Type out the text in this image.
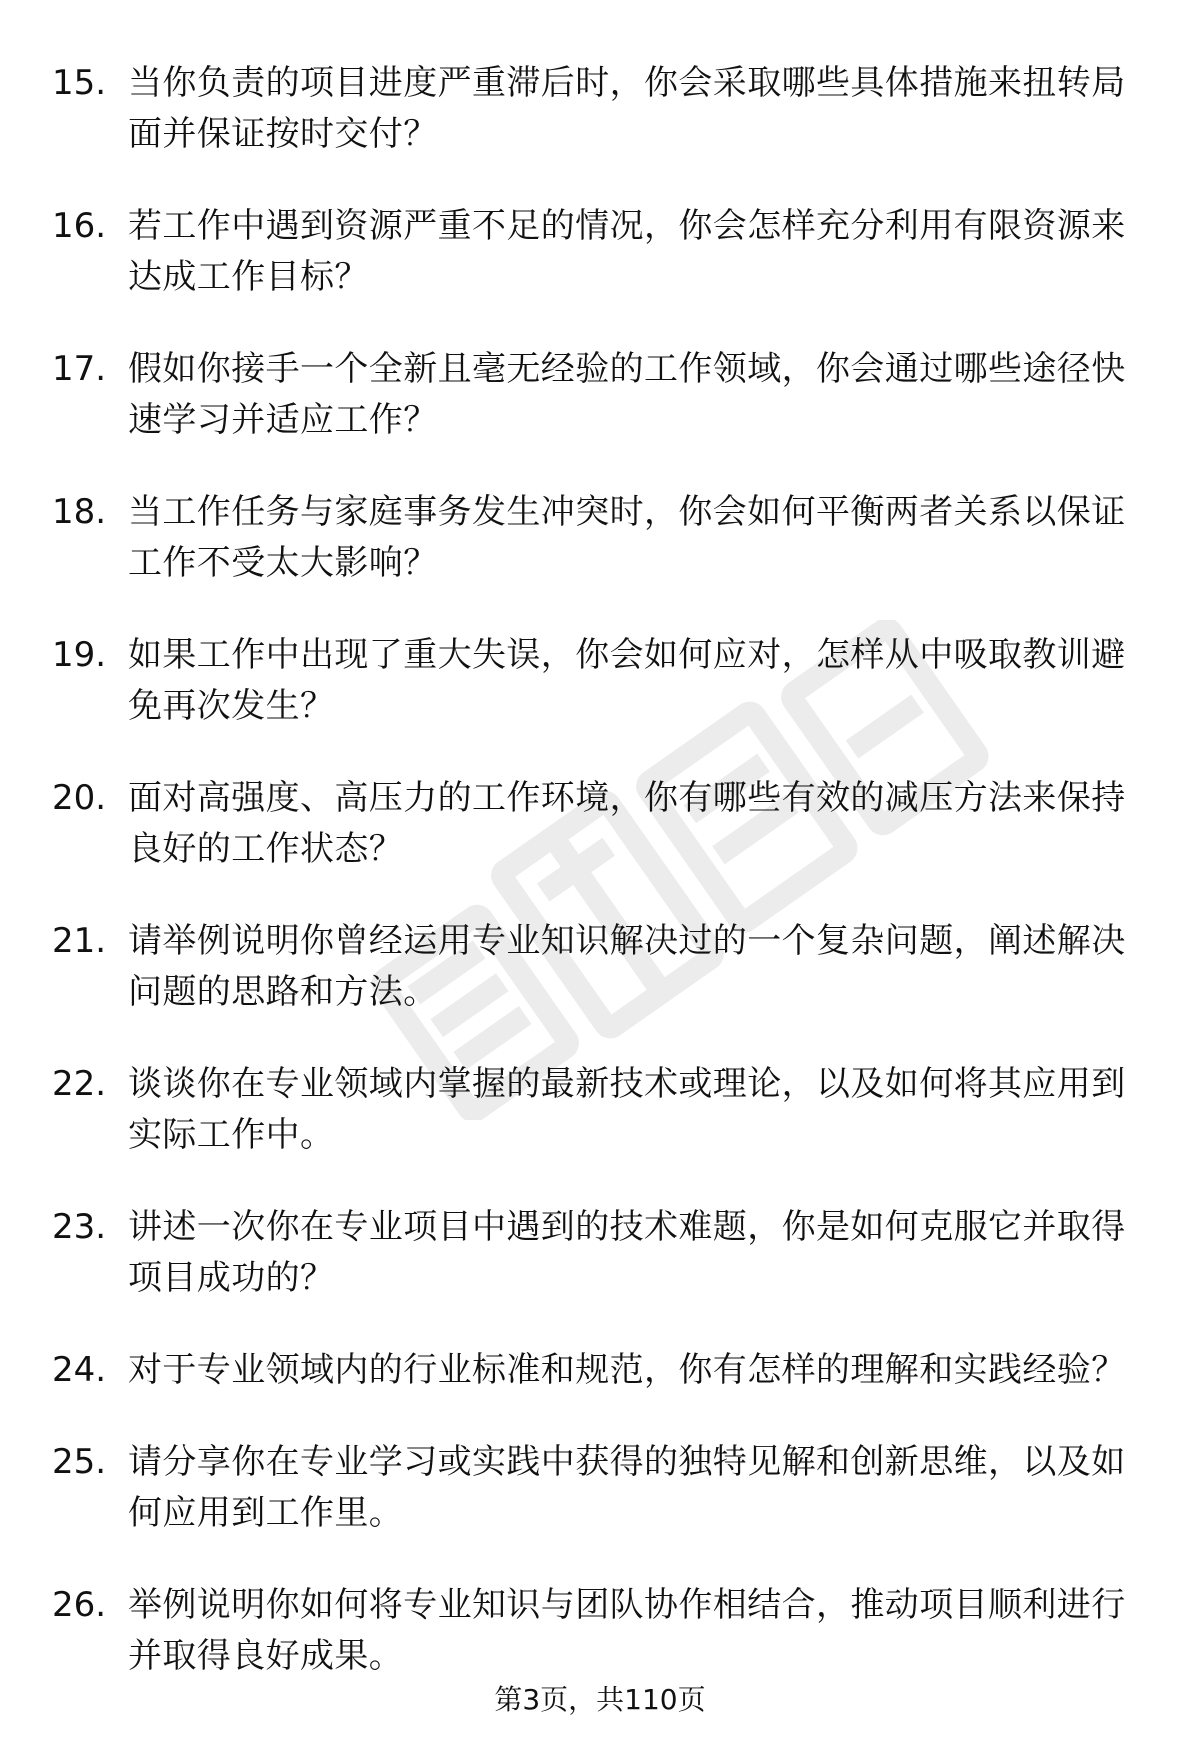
15. 当你负责的项目进度严重滞后时，你会采取哪些具体措施来扭转局面并保证按时交付？
16. 若工作中遇到资源严重不足的情况，你会怎样充分利用有限资源来达成工作目标？
17. 假如你接手一个全新且毫无经验的工作领域，你会通过哪些途径快速学习并适应工作？
18. 当工作任务与家庭事务发生冲突时，你会如何平衡两者关系以保证工作不受太大影响？
19. 如果工作中出现了重大失误，你会如何应对，怎样从中吸取教训避免再次发生？
20. 面对高强度、高压力的工作环境，你有哪些有效的减压方法来保持良好的工作状态？
21. 请举例说明你曾经运用专业知识解决过的一个复杂问题，阐述解决问题的思路和方法。
22. 谈谈你在专业领域内掌握的最新技术或理论，以及如何将其应用到实际工作中。
23. 讲述一次你在专业项目中遇到的技术难题，你是如何克服它并取得项目成功的？
24. 对于专业领域内的行业标准和规范，你有怎样的理解和实践经验？
25. 请分享你在专业学习或实践中获得的独特见解和创新思维，以及如何应用到工作里。
26. 举例说明你如何将专业知识与团队协作相结合，推动项目顺利进行并取得良好成果。
第3页，共110页
